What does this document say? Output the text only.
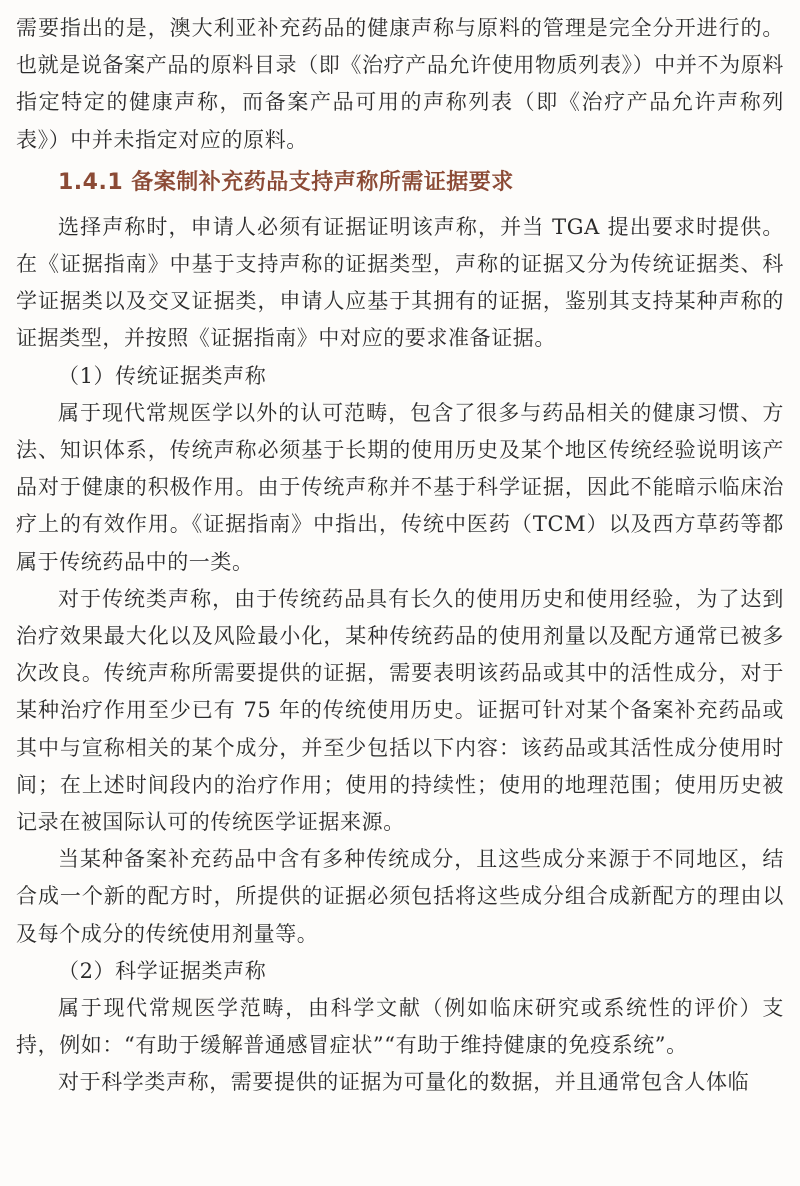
需要指出的是，澳大利亚补充药品的健康声称与原料的管理是完全分开进行的。也就是说备案产品的原料目录（即《治疗产品允许使用物质列表》）中并不为原料指定特定的健康声称，而备案产品可用的声称列表（即《治疗产品允许声称列表》）中并未指定对应的原料。

1.4.1 备案制补充药品支持声称所需证据要求

选择声称时，申请人必须有证据证明该声称，并当 TGA 提出要求时提供。在《证据指南》中基于支持声称的证据类型，声称的证据又分为传统证据类、科学证据类以及交叉证据类，申请人应基于其拥有的证据，鉴别其支持某种声称的证据类型，并按照《证据指南》中对应的要求准备证据。

（1）传统证据类声称

属于现代常规医学以外的认可范畴，包含了很多与药品相关的健康习惯、方法、知识体系，传统声称必须基于长期的使用历史及某个地区传统经验说明该产品对于健康的积极作用。由于传统声称并不基于科学证据，因此不能暗示临床治疗上的有效作用。《证据指南》中指出，传统中医药（TCM）以及西方草药等都属于传统药品中的一类。

对于传统类声称，由于传统药品具有长久的使用历史和使用经验，为了达到治疗效果最大化以及风险最小化，某种传统药品的使用剂量以及配方通常已被多次改良。传统声称所需要提供的证据，需要表明该药品或其中的活性成分，对于某种治疗作用至少已有 75 年的传统使用历史。证据可针对某个备案补充药品或其中与宣称相关的某个成分，并至少包括以下内容：该药品或其活性成分使用时间；在上述时间段内的治疗作用；使用的持续性；使用的地理范围；使用历史被记录在被国际认可的传统医学证据来源。

当某种备案补充药品中含有多种传统成分，且这些成分来源于不同地区，结合成一个新的配方时，所提供的证据必须包括将这些成分组合成新配方的理由以及每个成分的传统使用剂量等。

（2）科学证据类声称

属于现代常规医学范畴，由科学文献（例如临床研究或系统性的评价）支持，例如：“有助于缓解普通感冒症状”“有助于维持健康的免疫系统”。

对于科学类声称，需要提供的证据为可量化的数据，并且通常包含人体临
